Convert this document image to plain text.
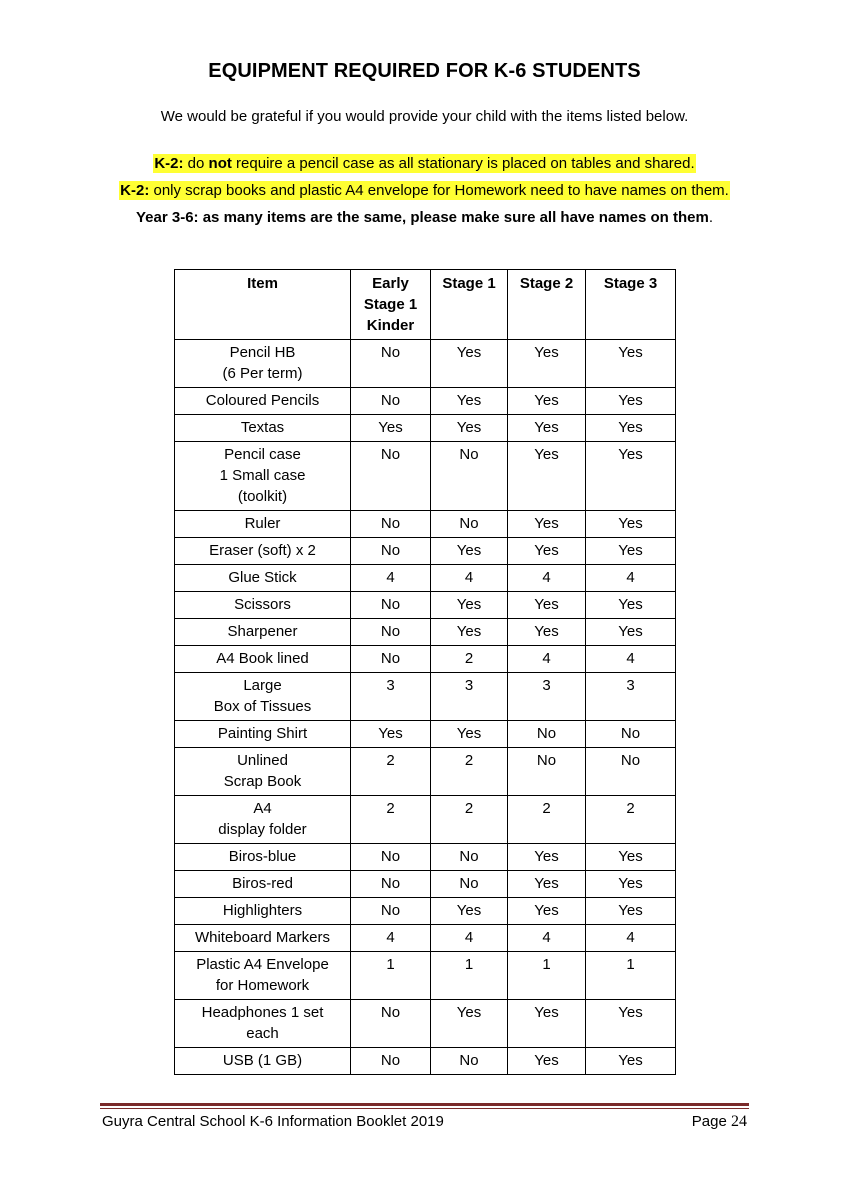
EQUIPMENT REQUIRED FOR K-6 STUDENTS
We would be grateful if you would provide your child with the items listed below.
K-2: do not require a pencil case as all stationary is placed on tables and shared.
K-2: only scrap books and plastic A4 envelope for Homework need to have names on them.
Year 3-6: as many items are the same, please make sure all have names on them.
Item	Early
Stage 1
Kinder	Stage 1	Stage 2	Stage 3

Pencil HB
(6 Per term)	No	Yes	Yes	Yes

Coloured Pencils	No	Yes	Yes	Yes

Textas	Yes	Yes	Yes	Yes

Pencil case
1 Small case
(toolkit)	No	No	Yes	Yes

Ruler	No	No	Yes	Yes

Eraser (soft) x 2	No	Yes	Yes	Yes

Glue Stick	4	4	4	4

Scissors	No	Yes	Yes	Yes

Sharpener	No	Yes	Yes	Yes

A4 Book lined	No	2	4	4

Large
Box of Tissues	3	3	3	3

Painting Shirt	Yes	Yes	No	No

Unlined
Scrap Book	2	2	No	No

A4
display folder	2	2	2	2

Biros-blue	No	No	Yes	Yes

Biros-red	No	No	Yes	Yes

Highlighters	No	Yes	Yes	Yes

Whiteboard Markers	4	4	4	4

Plastic A4 Envelope
for Homework	1	1	1	1

Headphones 1 set
each	No	Yes	Yes	Yes

USB (1 GB)	No	No	Yes	Yes
Guyra Central School K-6 Information Booklet 2019	Page 24
